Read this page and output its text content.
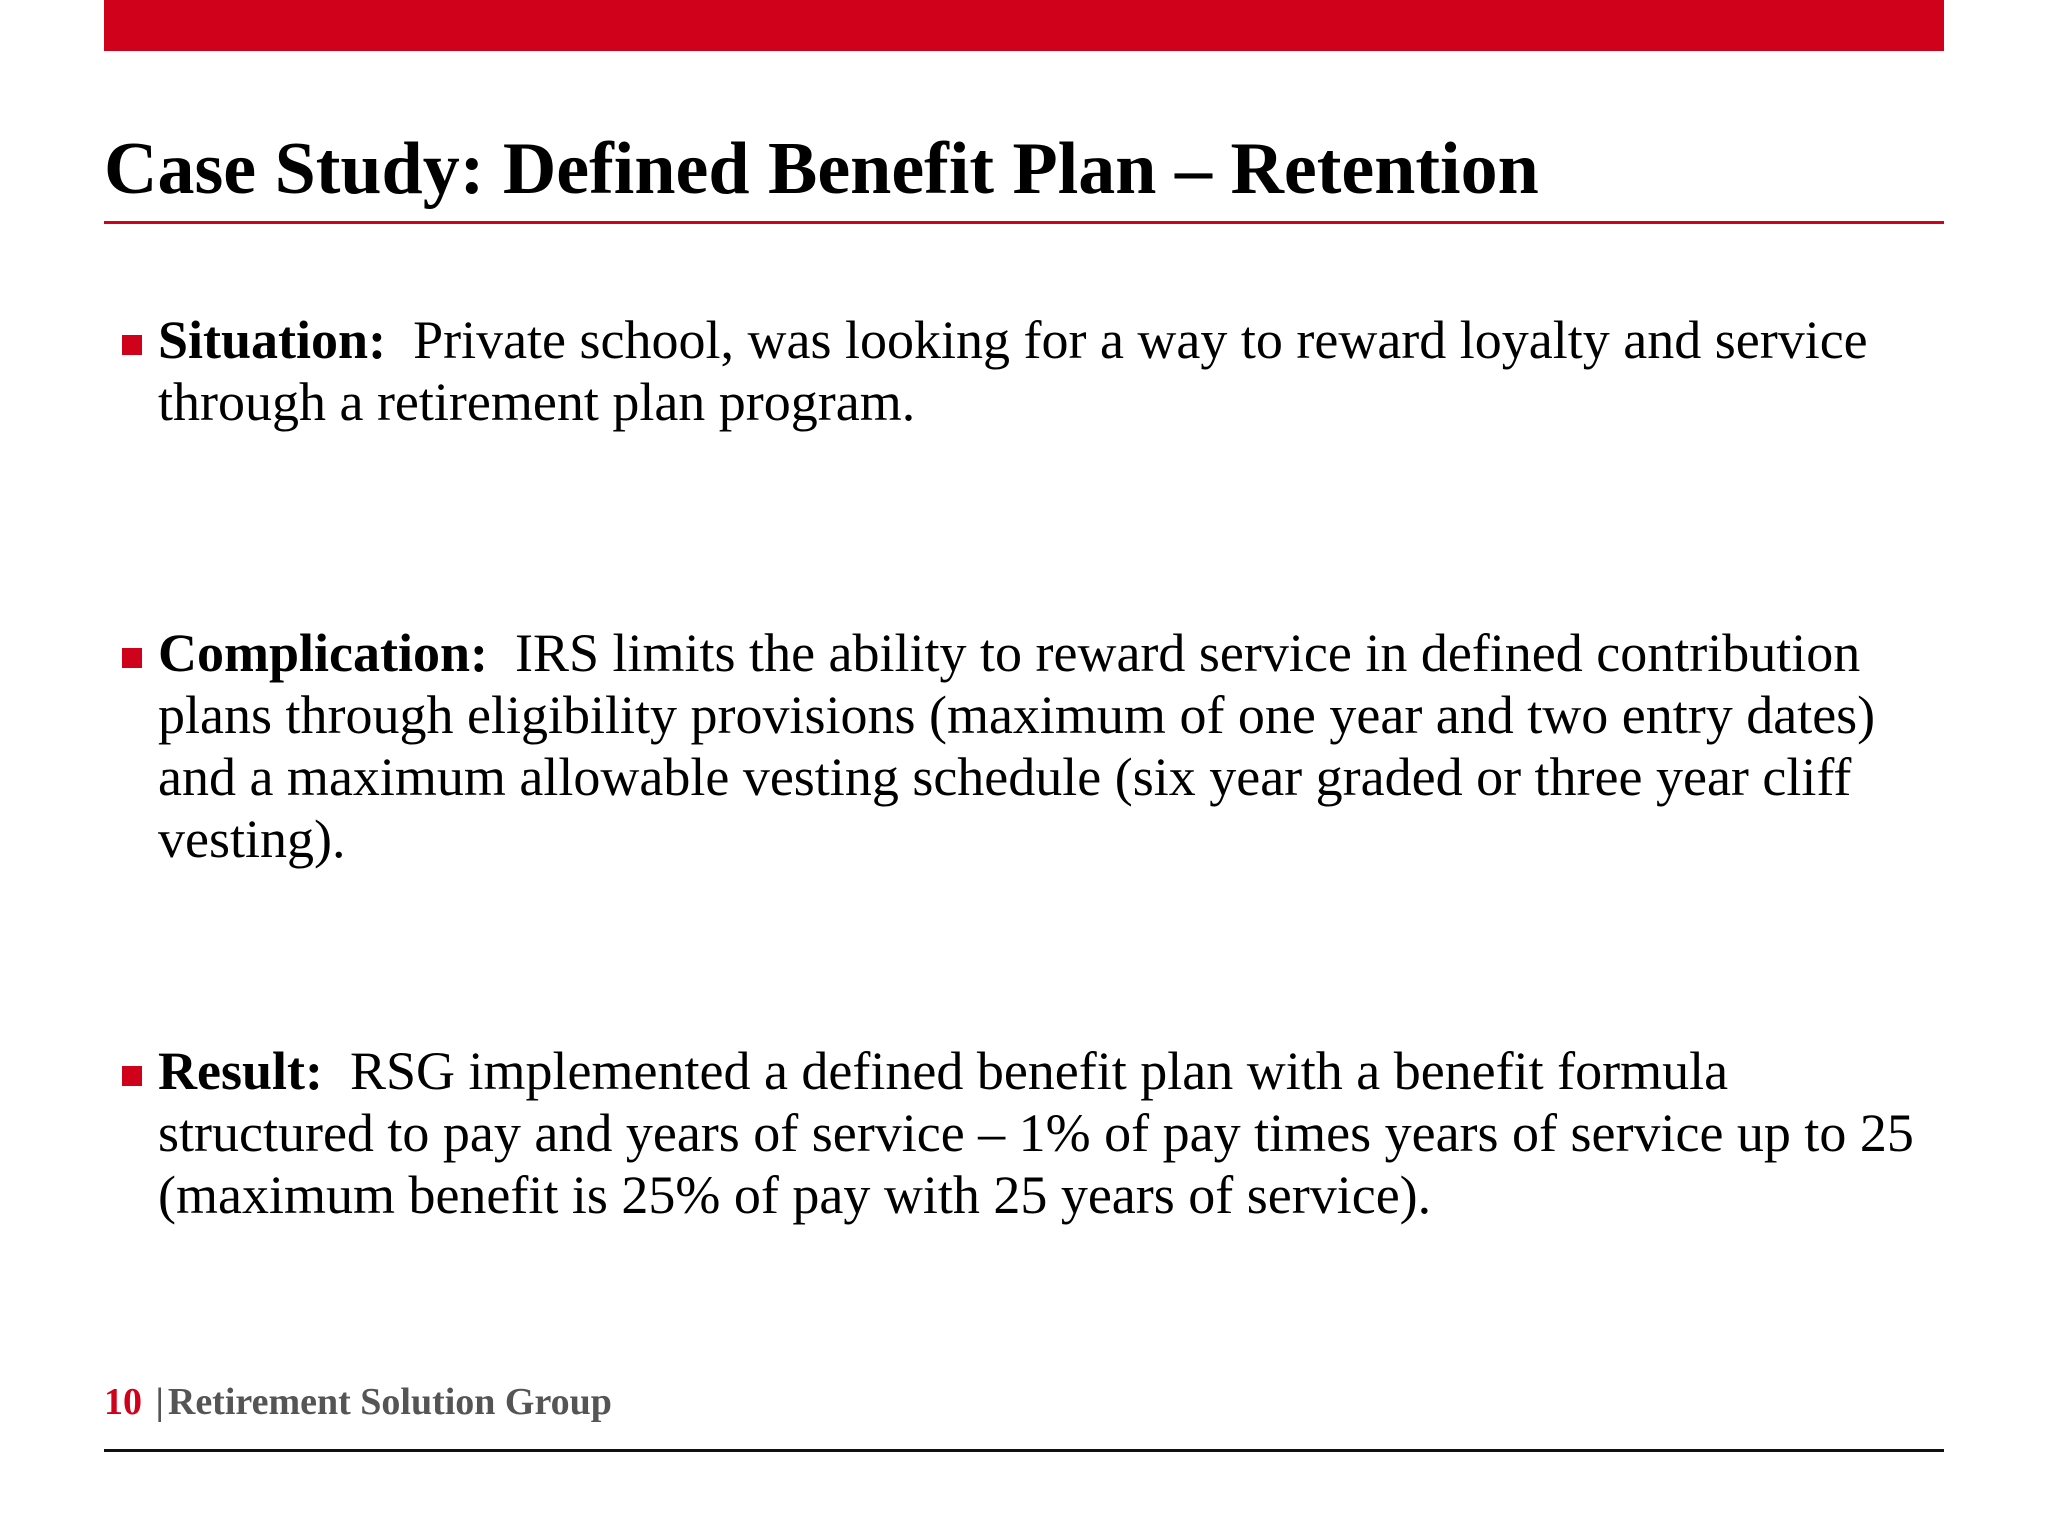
Case Study: Defined Benefit Plan – Retention
Situation:  Private school, was looking for a way to reward loyalty and service through a retirement plan program.
Complication:  IRS limits the ability to reward service in defined contribution plans through eligibility provisions (maximum of one year and two entry dates) and a maximum allowable vesting schedule (six year graded or three year cliff vesting).
Result:  RSG implemented a defined benefit plan with a benefit formula structured to pay and years of service – 1% of pay times years of service up to 25 (maximum benefit is 25% of pay with 25 years of service).
10 | Retirement Solution Group
